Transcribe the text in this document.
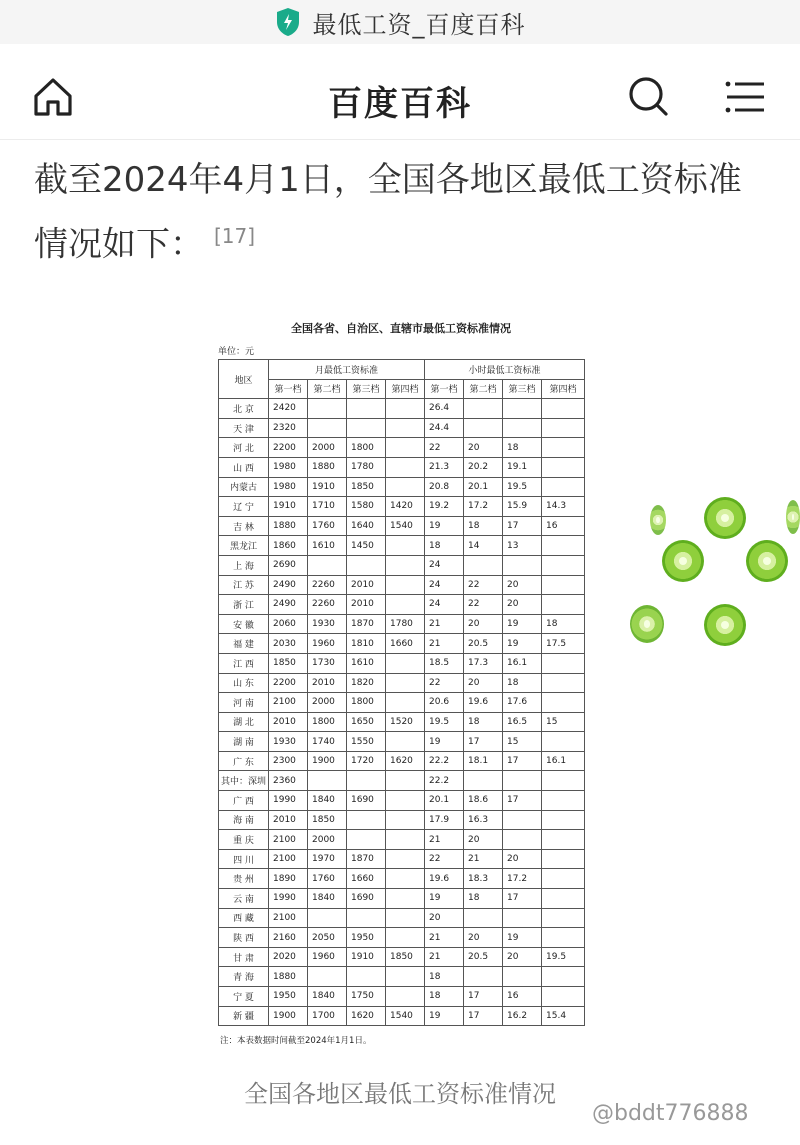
最低工资_百度百科
百度百科
截至2024年4月1日，全国各地区最低工资标准情况如下： [17]
全国各省、自治区、直辖市最低工资标准情况
单位：元
地区	月最低工资标准				小时最低工资标准			
	第一档	第二档	第三档	第四档	第一档	第二档	第三档	第四档
北 京	2420				26.4			
天 津	2320				24.4			
河 北	2200	2000	1800		22	20	18	
山 西	1980	1880	1780		21.3	20.2	19.1	
内蒙古	1980	1910	1850		20.8	20.1	19.5	
辽 宁	1910	1710	1580	1420	19.2	17.2	15.9	14.3
吉 林	1880	1760	1640	1540	19	18	17	16
黑龙江	1860	1610	1450		18	14	13	
上 海	2690				24			
江 苏	2490	2260	2010		24	22	20	
浙 江	2490	2260	2010		24	22	20	
安 徽	2060	1930	1870	1780	21	20	19	18
福 建	2030	1960	1810	1660	21	20.5	19	17.5
江 西	1850	1730	1610		18.5	17.3	16.1	
山 东	2200	2010	1820		22	20	18	
河 南	2100	2000	1800		20.6	19.6	17.6	
湖 北	2010	1800	1650	1520	19.5	18	16.5	15
湖 南	1930	1740	1550		19	17	15	
广 东	2300	1900	1720	1620	22.2	18.1	17	16.1
其中：深圳	2360				22.2			
广 西	1990	1840	1690		20.1	18.6	17	
海 南	2010	1850			17.9	16.3		
重 庆	2100	2000			21	20		
四 川	2100	1970	1870		22	21	20	
贵 州	1890	1760	1660		19.6	18.3	17.2	
云 南	1990	1840	1690		19	18	17	
西 藏	2100				20			
陕 西	2160	2050	1950		21	20	19	
甘 肃	2020	1960	1910	1850	21	20.5	20	19.5
青 海	1880				18			
宁 夏	1950	1840	1750		18	17	16	
新 疆	1900	1700	1620	1540	19	17	16.2	15.4
注：本表数据时间截至2024年1月1日。
全国各地区最低工资标准情况
@bddt776888
